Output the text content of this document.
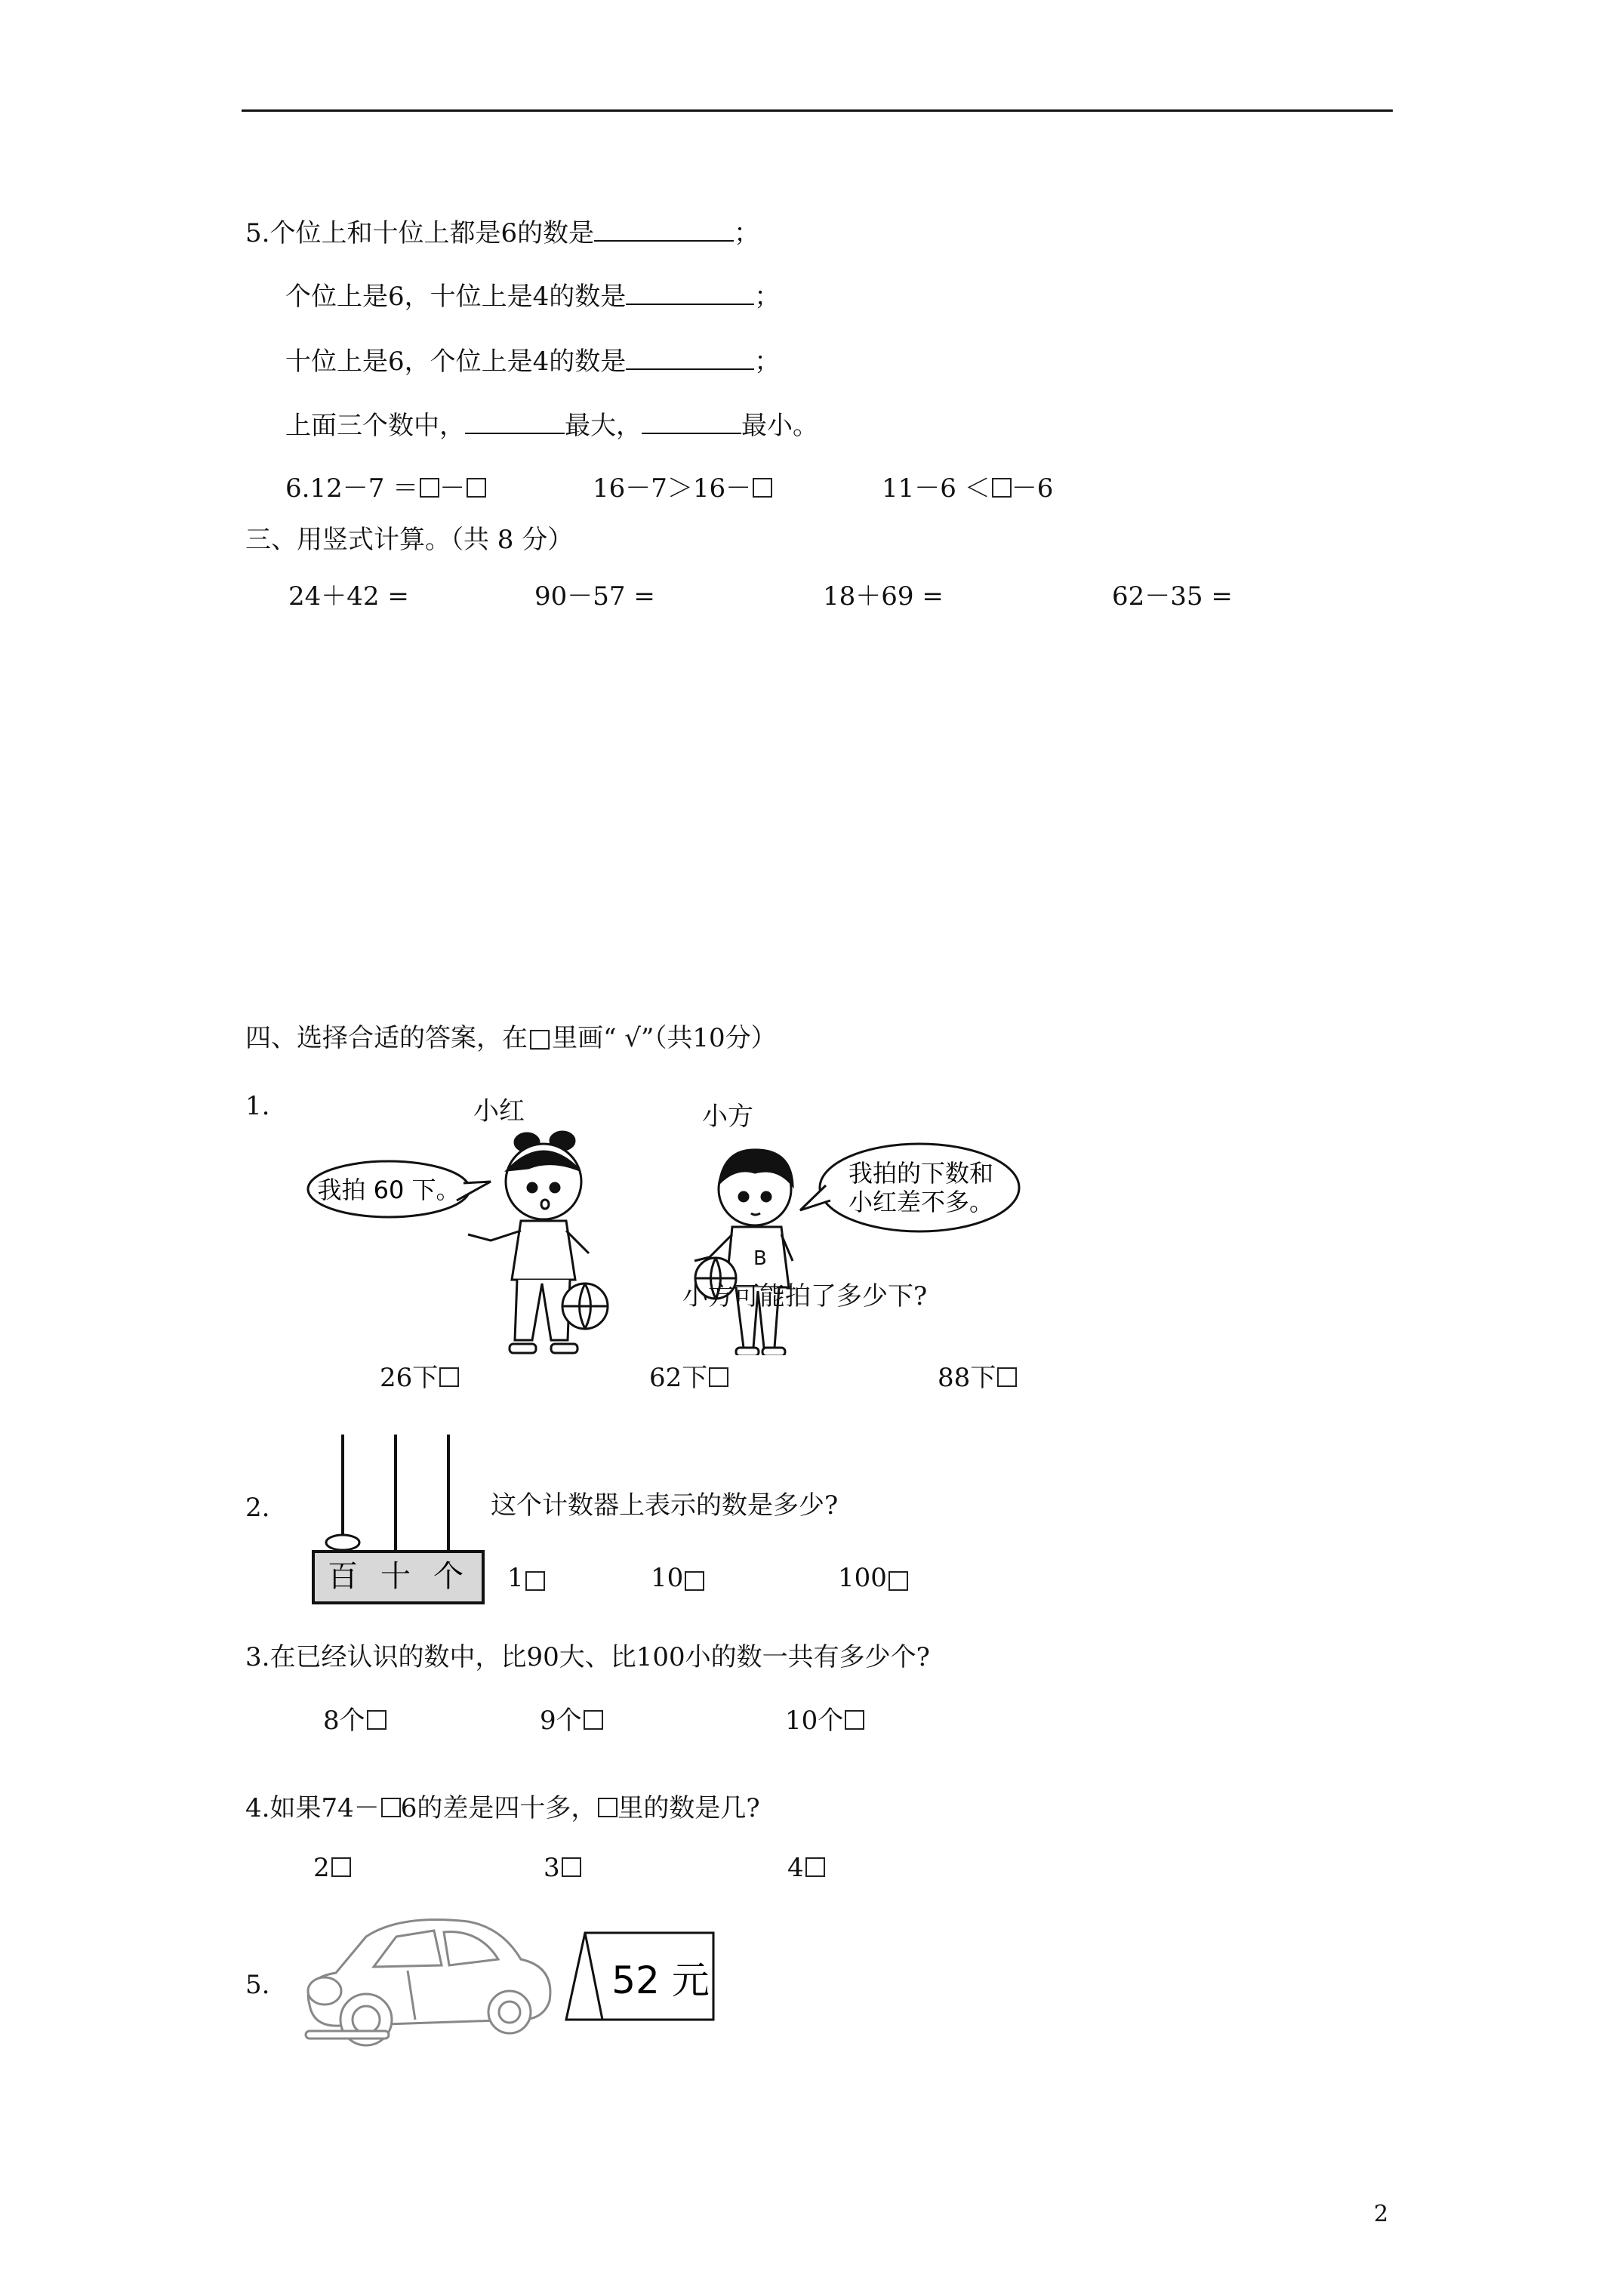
5.个位上和十位上都是6的数是	；
个位上是6，十位上是4的数是	；
十位上是6，个位上是4的数是	；
上面三个数中，	最大，	最小。
6.12－7 ＝ －	16－7＞16－	11－6 ＜ －6
三、用竖式计算。（共 8 分）
24＋42 =	90－57 =	18＋69 =	62－35 =
四、选择合适的答案，在□里画“ √”（共10分）
1.	小红	小方
我拍 60 下。
B
我拍的下数和
小红差不多。
小方可能拍了多少下?
26下	62下	88下
2.
百 十 个
这个计数器上表示的数是多少?
1	10	100
3.在已经认识的数中，比90大、比100小的数一共有多少个?
8个	9个	10个
4.如果74－ 6的差是四十多， 里的数是几?
2	3	4
5.	52 元
2
